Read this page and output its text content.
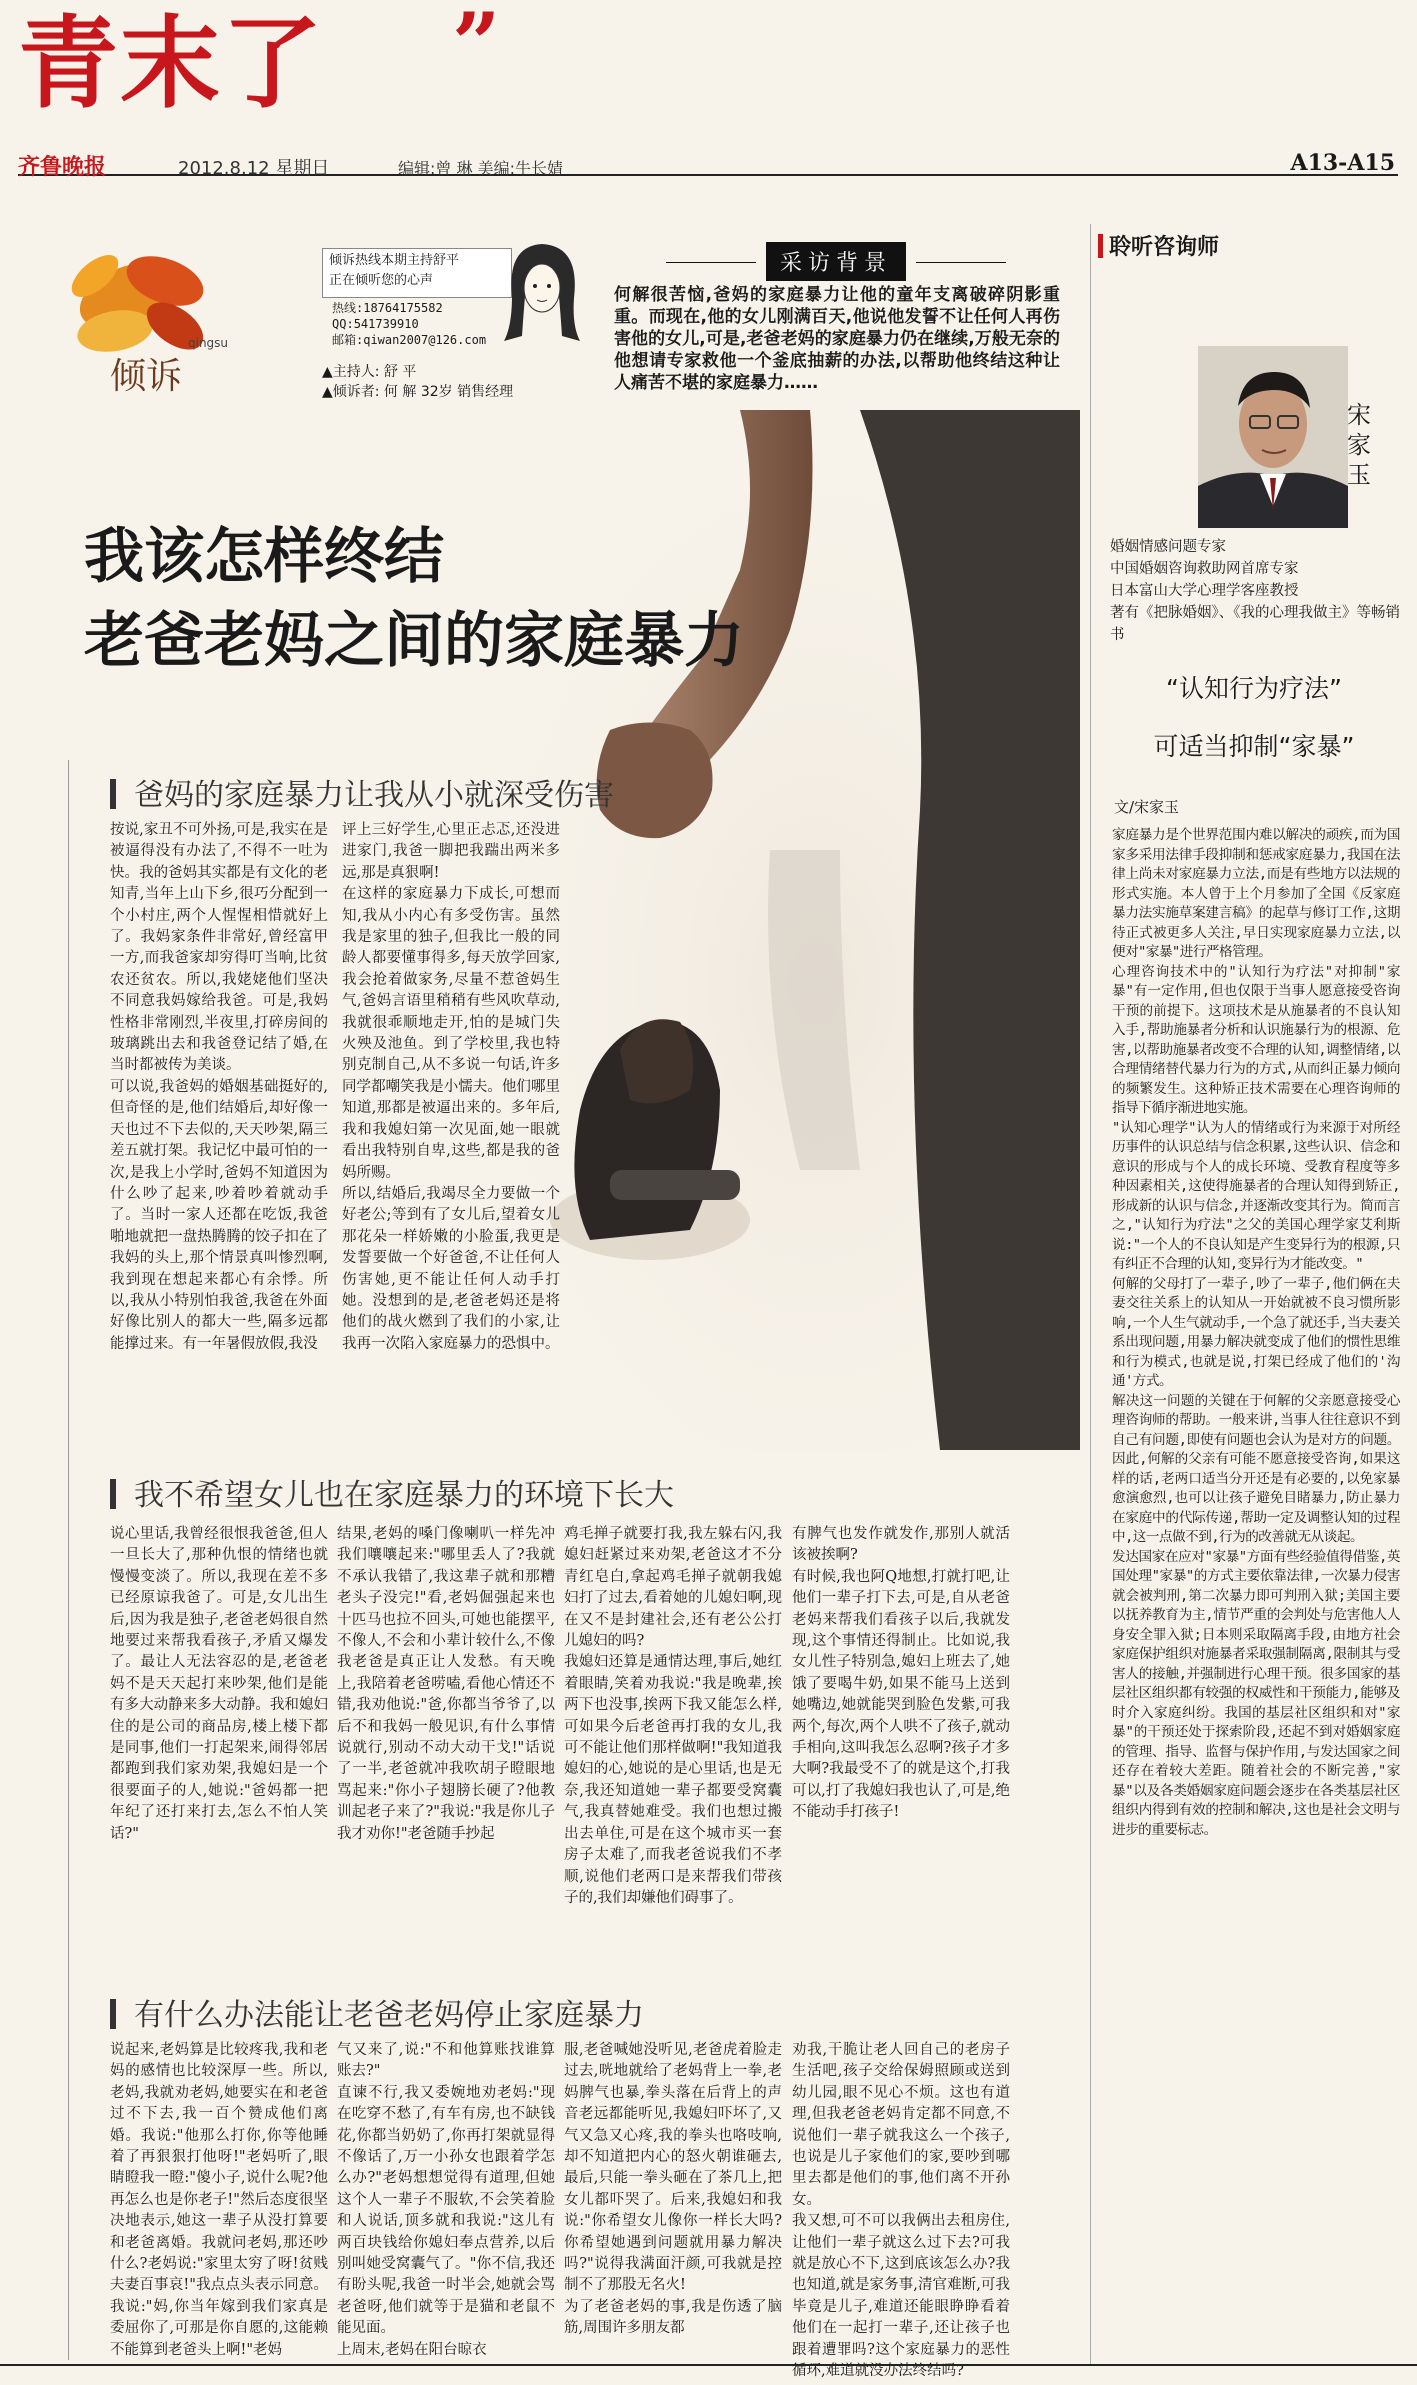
青末了 ”
齐鲁晚报	2012.8.12 星期日	编辑:曾 琳 美编:牛长婧	A13-A15
qingsu
倾诉
倾诉热线本期主持舒平
正在倾听您的心声
热线:18764175582
QQ:541739910
邮箱:qiwan2007@126.com
▲主持人: 舒 平
▲倾诉者: 何 解 32岁 销售经理
采访背景
何解很苦恼,爸妈的家庭暴力让他的童年支离破碎阴影重重。而现在,他的女儿刚满百天,他说他发誓不让任何人再伤害他的女儿,可是,老爸老妈的家庭暴力仍在继续,万般无奈的他想请专家救他一个釜底抽薪的办法,以帮助他终结这种让人痛苦不堪的家庭暴力……
我该怎样终结
老爸老妈之间的家庭暴力
爸妈的家庭暴力让我从小就深受伤害
按说,家丑不可外扬,可是,我实在是被逼得没有办法了,不得不一吐为快。我的爸妈其实都是有文化的老知青,当年上山下乡,很巧分配到一个小村庄,两个人惺惺相惜就好上了。我妈家条件非常好,曾经富甲一方,而我爸家却穷得叮当响,比贫农还贫农。所以,我姥姥他们坚决不同意我妈嫁给我爸。可是,我妈性格非常刚烈,半夜里,打碎房间的玻璃跳出去和我爸登记结了婚,在当时都被传为美谈。
可以说,我爸妈的婚姻基础挺好的,但奇怪的是,他们结婚后,却好像一天也过不下去似的,天天吵架,隔三差五就打架。我记忆中最可怕的一次,是我上小学时,爸妈不知道因为什么吵了起来,吵着吵着就动手了。当时一家人还都在吃饭,我爸啪地就把一盘热腾腾的饺子扣在了我妈的头上,那个情景真叫惨烈啊,我到现在想起来都心有余悸。所以,我从小特别怕我爸,我爸在外面好像比别人的都大一些,隔多远都能撑过来。有一年暑假放假,我没
评上三好学生,心里正忐忑,还没进进家门,我爸一脚把我踹出两米多远,那是真狠啊!
在这样的家庭暴力下成长,可想而知,我从小内心有多受伤害。虽然我是家里的独子,但我比一般的同龄人都要懂事得多,每天放学回家,我会抢着做家务,尽量不惹爸妈生气,爸妈言语里稍稍有些风吹草动,我就很乖顺地走开,怕的是城门失火殃及池鱼。到了学校里,我也特别克制自己,从不多说一句话,许多同学都嘲笑我是小懦夫。他们哪里知道,那都是被逼出来的。多年后,我和我媳妇第一次见面,她一眼就看出我特别自卑,这些,都是我的爸妈所赐。
所以,结婚后,我竭尽全力要做一个好老公;等到有了女儿后,望着女儿那花朵一样娇嫩的小脸蛋,我更是发誓要做一个好爸爸,不让任何人伤害她,更不能让任何人动手打她。没想到的是,老爸老妈还是将他们的战火燃到了我们的小家,让我再一次陷入家庭暴力的恐惧中。
我不希望女儿也在家庭暴力的环境下长大
说心里话,我曾经很恨我爸爸,但人一旦长大了,那种仇恨的情绪也就慢慢变淡了。所以,我现在差不多已经原谅我爸了。可是,女儿出生后,因为我是独子,老爸老妈很自然地要过来帮我看孩子,矛盾又爆发了。最让人无法容忍的是,老爸老妈不是天天起打来吵架,他们是能有多大动静来多大动静。我和媳妇住的是公司的商品房,楼上楼下都是同事,他们一打起架来,闹得邻居都跑到我们家劝架,我媳妇是一个很要面子的人,她说:"爸妈都一把年纪了还打来打去,怎么不怕人笑话?"
结果,老妈的嗓门像喇叭一样先冲我们嚷嚷起来:"哪里丢人了?我就不承认我错了,我这辈子就和那糟老头子没完!"看,老妈倔强起来也十匹马也拉不回头,可她也能摆平,不像人,不会和小辈计较什么,不像我老爸是真正让人发愁。有天晚上,我陪着老爸唠嗑,看他心情还不错,我劝他说:"爸,你都当爷爷了,以后不和我妈一般见识,有什么事情说就行,别动不动大动干戈!"话说了一半,老爸就冲我吹胡子瞪眼地骂起来:"你小子翅膀长硬了?他教训起老子来了?"我说:"我是你儿子我才劝你!"老爸随手抄起
鸡毛掸子就要打我,我左躲右闪,我媳妇赶紧过来劝架,老爸这才不分青红皂白,拿起鸡毛掸子就朝我媳妇打了过去,看着她的儿媳妇啊,现在又不是封建社会,还有老公公打儿媳妇的吗?
我媳妇还算是通情达理,事后,她红着眼睛,笑着劝我说:"我是晚辈,挨两下也没事,挨两下我又能怎么样,可如果今后老爸再打我的女儿,我可不能让他们那样做啊!"我知道我媳妇的心,她说的是心里话,也是无奈,我还知道她一辈子都要受窝囊气,我真替她难受。我们也想过搬出去单住,可是在这个城市买一套房子太难了,而我老爸说我们不孝顺,说他们老两口是来帮我们带孩子的,我们却嫌他们碍事了。
有脾气也发作就发作,那别人就活该被挨啊?
有时候,我也阿Q地想,打就打吧,让他们一辈子打下去,可是,自从老爸老妈来帮我们看孩子以后,我就发现,这个事情还得制止。比如说,我女儿性子特别急,媳妇上班去了,她饿了要喝牛奶,如果不能马上送到她嘴边,她就能哭到脸色发紫,可我两个,每次,两个人哄不了孩子,就动手相向,这叫我怎么忍啊?孩子才多大啊?我最受不了的就是这个,打我可以,打了我媳妇我也认了,可是,绝不能动手打孩子!
有什么办法能让老爸老妈停止家庭暴力
说起来,老妈算是比较疼我,我和老妈的感情也比较深厚一些。所以,老妈,我就劝老妈,她要实在和老爸过不下去,我一百个赞成他们离婚。我说:"他那么打你,你等他睡着了再狠狠打他呀!"老妈听了,眼睛瞪我一瞪:"傻小子,说什么呢?他再怎么也是你老子!"然后态度很坚决地表示,她这一辈子从没打算要和老爸离婚。我就问老妈,那还吵什么?老妈说:"家里太穷了呀!贫贱夫妻百事哀!"我点点头表示同意。我说:"妈,你当年嫁到我们家真是委屈你了,可那是你自愿的,这能赖不能算到老爸头上啊!"老妈
气又来了,说:"不和他算账找谁算账去?"
直谏不行,我又委婉地劝老妈:"现在吃穿不愁了,有车有房,也不缺钱花,你都当奶奶了,你再打架就显得不像话了,万一小孙女也跟着学怎么办?"老妈想想觉得有道理,但她这个人一辈子不服软,不会笑着脸和人说话,顶多就和我说:"这儿有两百块钱给你媳妇奉点营养,以后别叫她受窝囊气了。"你不信,我还有盼头呢,我爸一时半会,她就会骂老爸呀,他们就等于是猫和老鼠不能见面。
上周末,老妈在阳台晾衣
服,老爸喊她没听见,老爸虎着脸走过去,咣地就给了老妈背上一拳,老妈脾气也暴,拳头落在后背上的声音老远都能听见,我媳妇吓坏了,又气又急又心疼,我的拳头也咯吱响,却不知道把内心的怒火朝谁砸去,最后,只能一拳头砸在了茶几上,把女儿都吓哭了。后来,我媳妇和我说:"你希望女儿像你一样长大吗?你希望她遇到问题就用暴力解决吗?"说得我满面汗颜,可我就是控制不了那股无名火!
为了老爸老妈的事,我是伤透了脑筋,周围许多朋友都
劝我,干脆让老人回自己的老房子生活吧,孩子交给保姆照顾或送到幼儿园,眼不见心不烦。这也有道理,但我老爸老妈肯定都不同意,不说他们一辈子就我这么一个孩子,也说是儿子家他们的家,要吵到哪里去都是他们的事,他们离不开孙女。
我又想,可不可以我俩出去租房住,让他们一辈子就这么过下去?可我就是放心不下,这到底该怎么办?我也知道,就是家务事,清官难断,可我毕竟是儿子,难道还能眼睁睁看着他们在一起打一辈子,还让孩子也跟着遭罪吗?这个家庭暴力的恶性循环,难道就没办法终结吗?
聆听咨询师
宋家玉
婚姻情感问题专家
中国婚姻咨询救助网首席专家
日本富山大学心理学客座教授
著有《把脉婚姻》、《我的心理我做主》等畅销书
“认知行为疗法”
可适当抑制“家暴”
文/宋家玉
家庭暴力是个世界范围内难以解决的顽疾,而为国家多采用法律手段抑制和惩戒家庭暴力,我国在法律上尚未对家庭暴力立法,而是有些地方以法规的形式实施。本人曾于上个月参加了全国《反家庭暴力法实施草案建言稿》的起草与修订工作,这期待正式被更多人关注,早日实现家庭暴力立法,以便对"家暴"进行严格管理。
心理咨询技术中的"认知行为疗法"对抑制"家暴"有一定作用,但也仅限于当事人愿意接受咨询干预的前提下。这项技术是从施暴者的不良认知入手,帮助施暴者分析和认识施暴行为的根源、危害,以帮助施暴者改变不合理的认知,调整情绪,以合理情绪替代暴力行为的方式,从而纠正暴力倾向的频繁发生。这种矫正技术需要在心理咨询师的指导下循序渐进地实施。
"认知心理学"认为人的情绪或行为来源于对所经历事件的认识总结与信念积累,这些认识、信念和意识的形成与个人的成长环境、受教育程度等多种因素相关,这使得施暴者的合理认知得到矫正,形成新的认识与信念,并逐渐改变其行为。简而言之,"认知行为疗法"之父的美国心理学家艾利斯说:"一个人的不良认知是产生变异行为的根源,只有纠正不合理的认知,变异行为才能改变。"
何解的父母打了一辈子,吵了一辈子,他们俩在夫妻交往关系上的认知从一开始就被不良习惯所影响,一个人生气就动手,一个急了就还手,当夫妻关系出现问题,用暴力解决就变成了他们的惯性思维和行为模式,也就是说,打架已经成了他们的'沟通'方式。
解决这一问题的关键在于何解的父亲愿意接受心理咨询师的帮助。一般来讲,当事人往往意识不到自己有问题,即使有问题也会认为是对方的问题。因此,何解的父亲有可能不愿意接受咨询,如果这样的话,老两口适当分开还是有必要的,以免家暴愈演愈烈,也可以让孩子避免目睹暴力,防止暴力在家庭中的代际传递,帮助一定及调整认知的过程中,这一点做不到,行为的改善就无从谈起。
发达国家在应对"家暴"方面有些经验值得借鉴,英国处理"家暴"的方式主要依靠法律,一次暴力侵害就会被判刑,第二次暴力即可判刑入狱;美国主要以抚养教育为主,情节严重的会判处与危害他人人身安全罪入狱;日本则采取隔离手段,由地方社会家庭保护组织对施暴者采取强制隔离,限制其与受害人的接触,并强制进行心理干预。很多国家的基层社区组织都有较强的权威性和干预能力,能够及时介入家庭纠纷。我国的基层社区组织和对"家暴"的干预还处于探索阶段,还起不到对婚姻家庭的管理、指导、监督与保护作用,与发达国家之间还存在着较大差距。随着社会的不断完善,"家暴"以及各类婚姻家庭问题会逐步在各类基层社区组织内得到有效的控制和解决,这也是社会文明与进步的重要标志。
